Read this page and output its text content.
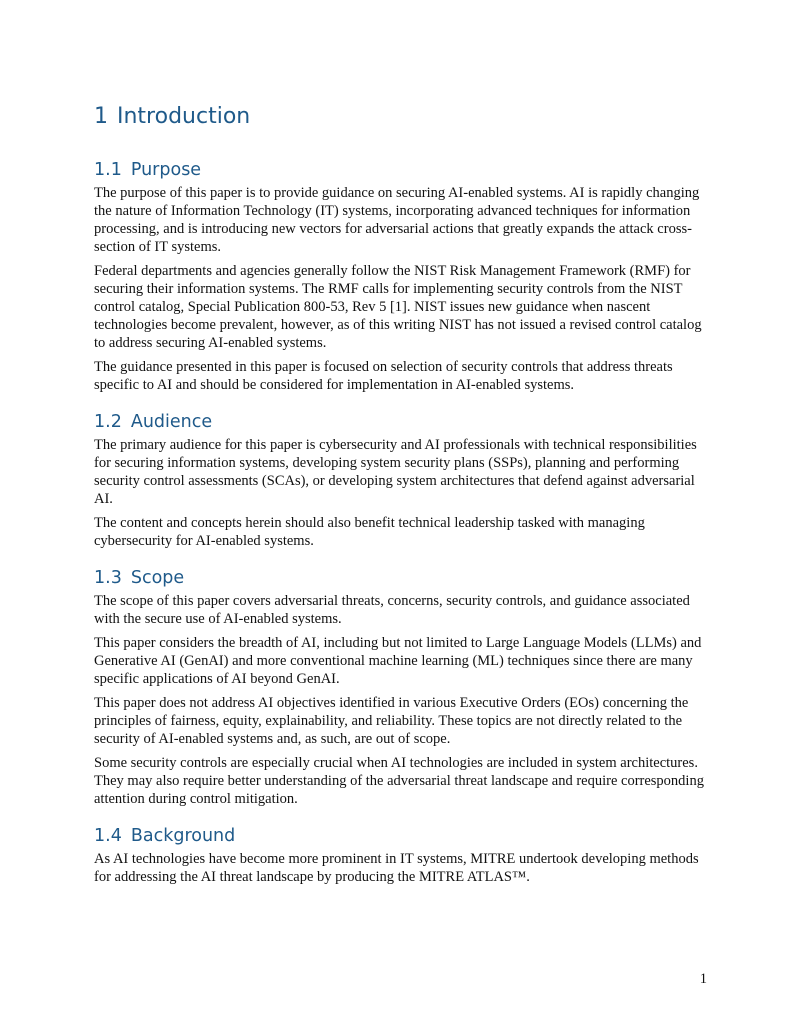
1 Introduction
1.1 Purpose

The purpose of this paper is to provide guidance on securing AI-enabled systems. AI is rapidly changing the nature of Information Technology (IT) systems, incorporating advanced techniques for information processing, and is introducing new vectors for adversarial actions that greatly expands the attack cross-section of IT systems.

Federal departments and agencies generally follow the NIST Risk Management Framework (RMF) for securing their information systems. The RMF calls for implementing security controls from the NIST control catalog, Special Publication 800-53, Rev 5 [1]. NIST issues new guidance when nascent technologies become prevalent, however, as of this writing NIST has not issued a revised control catalog to address securing AI-enabled systems.

The guidance presented in this paper is focused on selection of security controls that address threats specific to AI and should be considered for implementation in AI-enabled systems.

1.2 Audience

The primary audience for this paper is cybersecurity and AI professionals with technical responsibilities for securing information systems, developing system security plans (SSPs), planning and performing security control assessments (SCAs), or developing system architectures that defend against adversarial AI.

The content and concepts herein should also benefit technical leadership tasked with managing cybersecurity for AI-enabled systems.

1.3 Scope

The scope of this paper covers adversarial threats, concerns, security controls, and guidance associated with the secure use of AI-enabled systems.

This paper considers the breadth of AI, including but not limited to Large Language Models (LLMs) and Generative AI (GenAI) and more conventional machine learning (ML) techniques since there are many specific applications of AI beyond GenAI.

This paper does not address AI objectives identified in various Executive Orders (EOs) concerning the principles of fairness, equity, explainability, and reliability. These topics are not directly related to the security of AI-enabled systems and, as such, are out of scope.

Some security controls are especially crucial when AI technologies are included in system architectures. They may also require better understanding of the adversarial threat landscape and require corresponding attention during control mitigation.

1.4 Background

As AI technologies have become more prominent in IT systems, MITRE undertook developing methods for addressing the AI threat landscape by producing the MITRE ATLAS™.

1
